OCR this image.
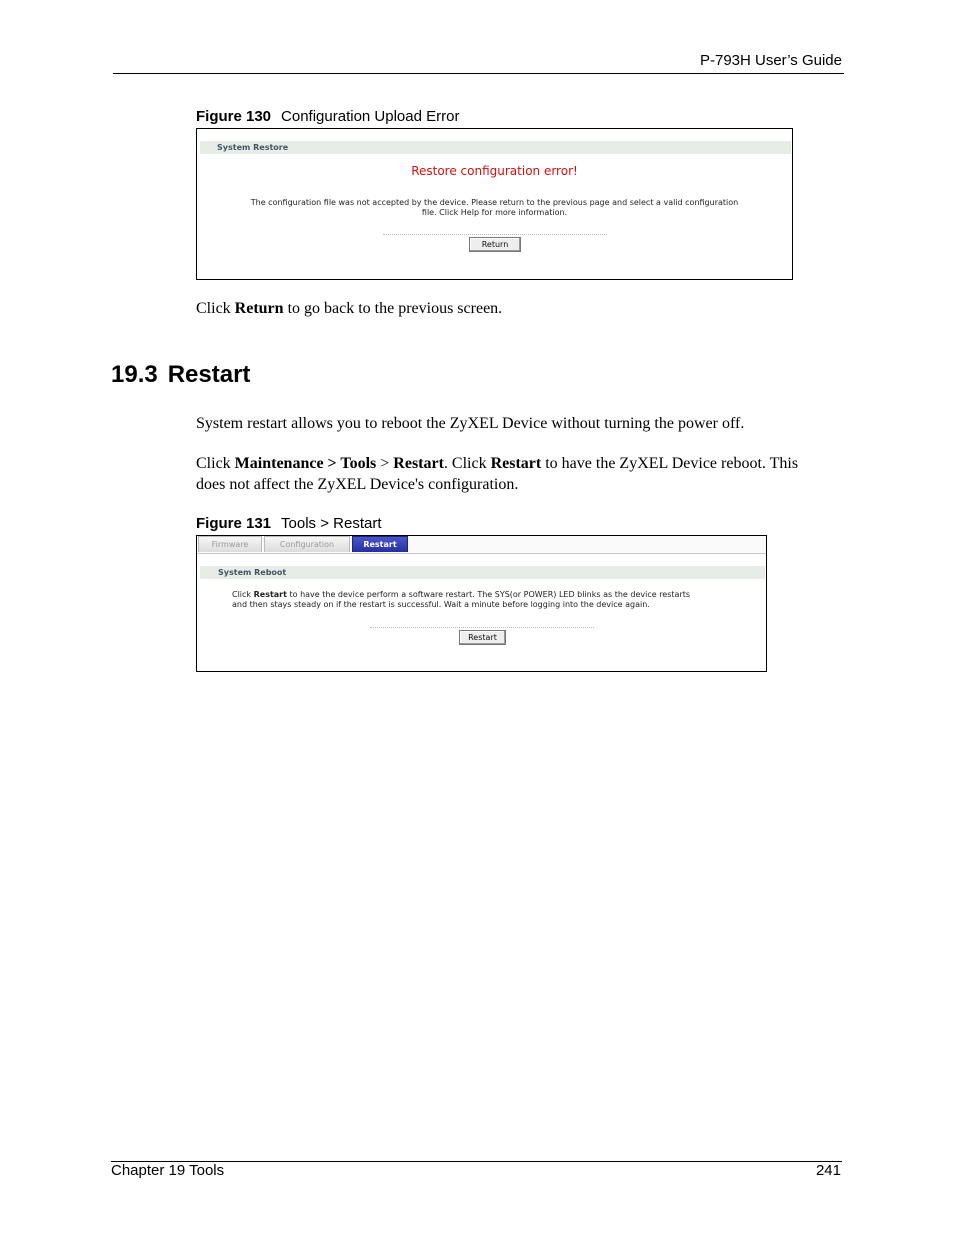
P-793H User’s Guide
Figure 130 Configuration Upload Error
System Restore
Restore configuration error!
The configuration file was not accepted by the device. Please return to the previous page and select a valid configuration
file. Click Help for more information.
Return
Click Return to go back to the previous screen.
19.3 Restart
System restart allows you to reboot the ZyXEL Device without turning the power off.
Click Maintenance > Tools > Restart. Click Restart to have the ZyXEL Device reboot. This
does not affect the ZyXEL Device's configuration.
Figure 131 Tools > Restart
Firmware	Configuration	Restart
System Reboot
Click Restart to have the device perform a software restart. The SYS(or POWER) LED blinks as the device restarts
and then stays steady on if the restart is successful. Wait a minute before logging into the device again.
Restart
Chapter 19 Tools	241
